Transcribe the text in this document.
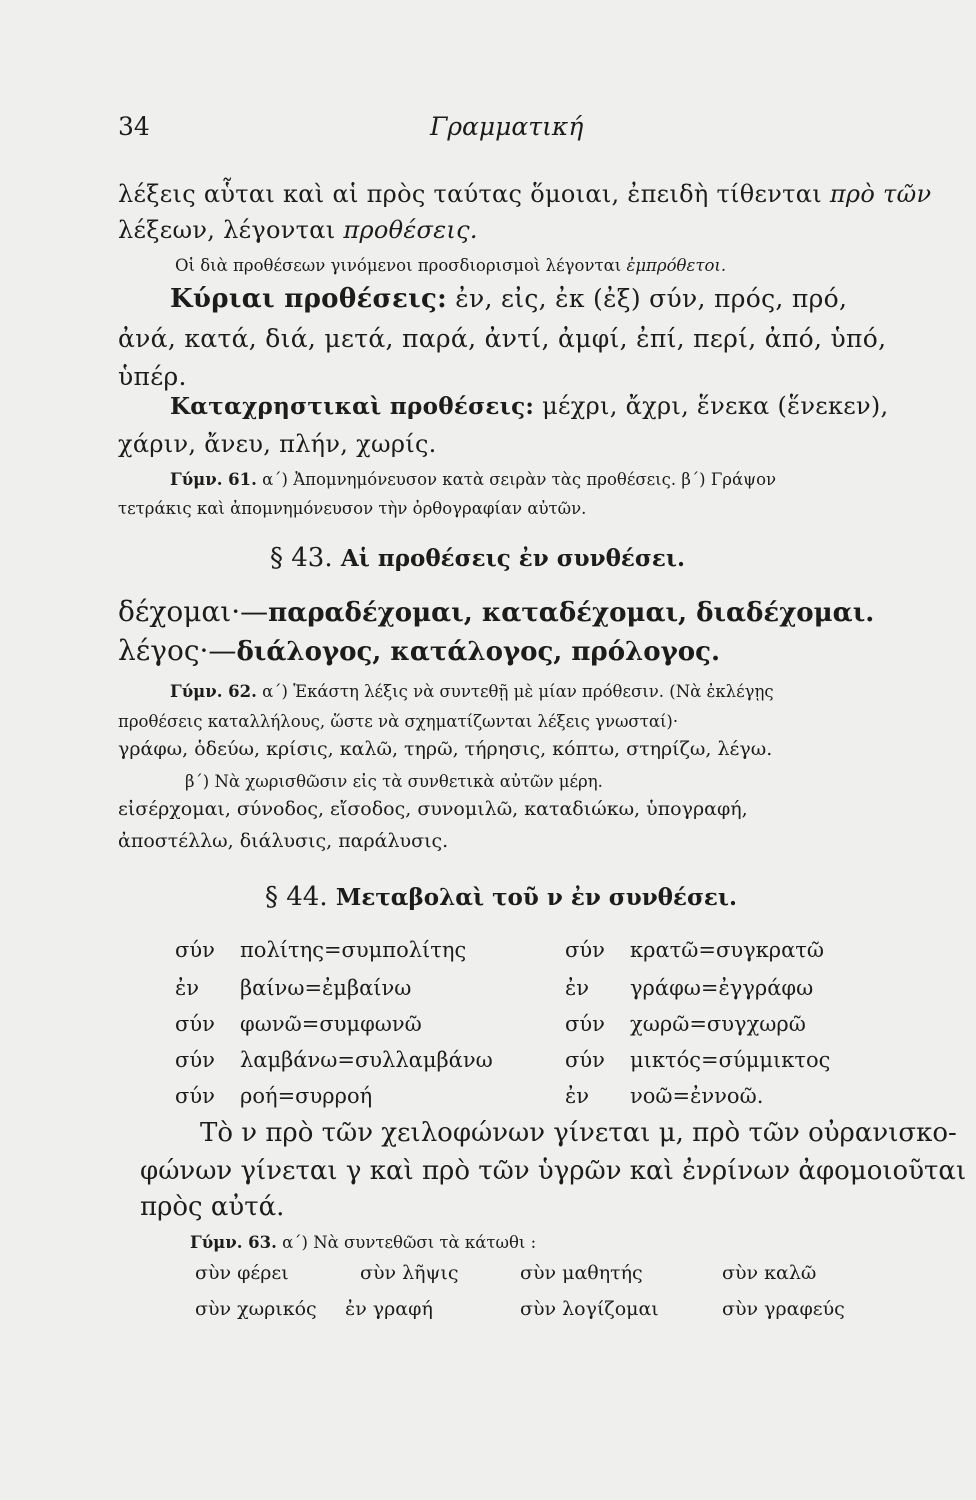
34	Γραμματική
λέξεις αὗται καὶ αἱ πρὸς ταύτας ὅμοιαι, ἐπειδὴ τίθενται πρὸ τῶν
λέξεων, λέγονται προθέσεις.
Οἱ διὰ προθέσεων γινόμενοι προσδιορισμοὶ λέγονται ἐμπρόθετοι.
Κύριαι προθέσεις: ἐν, εἰς, ἐκ (ἐξ) σύν, πρός, πρό,
ἀνά, κατά, διά, μετά, παρά, ἀντί, ἀμφί, ἐπί, περί, ἀπό, ὑπό,
ὑπέρ.
Καταχρηστικαὶ προθέσεις: μέχρι, ἄχρι, ἕνεκα (ἕνεκεν),
χάριν, ἄνευ, πλήν, χωρίς.
Γύμν. 61. α΄) Ἀπομνημόνευσον κατὰ σειρὰν τὰς προθέσεις. β΄) Γράψον
τετράκις καὶ ἀπομνημόνευσον τὴν ὀρθογραφίαν αὐτῶν.
§ 43. Αἱ προθέσεις ἐν συνθέσει.
δέχομαι·—παραδέχομαι, καταδέχομαι, διαδέχομαι.
λέγος·—διάλογος, κατάλογος, πρόλογος.
Γύμν. 62. α΄) Ἑκάστη λέξις νὰ συντεθῇ μὲ μίαν πρόθεσιν. (Νὰ ἐκλέγῃς
προθέσεις καταλλήλους, ὥστε νὰ σχηματίζωνται λέξεις γνωσταί)·
γράφω, ὁδεύω, κρίσις, καλῶ, τηρῶ, τήρησις, κόπτω, στηρίζω, λέγω.
β΄) Νὰ χωρισθῶσιν εἰς τὰ συνθετικὰ αὐτῶν μέρη.
εἰσέρχομαι, σύνοδος, εἴσοδος, συνομιλῶ, καταδιώκω, ὑπογραφή,
ἀποστέλλω, διάλυσις, παράλυσις.
§ 44. Μεταβολαὶ τοῦ ν ἐν συνθέσει.
σύν πολίτης=συμπολίτης	σύν κρατῶ=συγκρατῶ
ἐν βαίνω=ἐμβαίνω	ἐν γράφω=ἐγγράφω
σύν φωνῶ=συμφωνῶ	σύν χωρῶ=συγχωρῶ
σύν λαμβάνω=συλλαμβάνω	σύν μικτός=σύμμικτος
σύν ροή=συρροή	ἐν νοῶ=ἐννοῶ.
Τὸ ν πρὸ τῶν χειλοφώνων γίνεται μ, πρὸ τῶν οὐρανισκο-
φώνων γίνεται γ καὶ πρὸ τῶν ὑγρῶν καὶ ἐνρίνων ἀφομοιοῦται
πρὸς αὐτά.
Γύμν. 63. α΄) Νὰ συντεθῶσι τὰ κάτωθι :
σὺν φέρει	σὺν λῆψις	σὺν μαθητής	σὺν καλῶ
σὺν χωρικός ἐν γραφή	σὺν λογίζομαι	σὺν γραφεύς
